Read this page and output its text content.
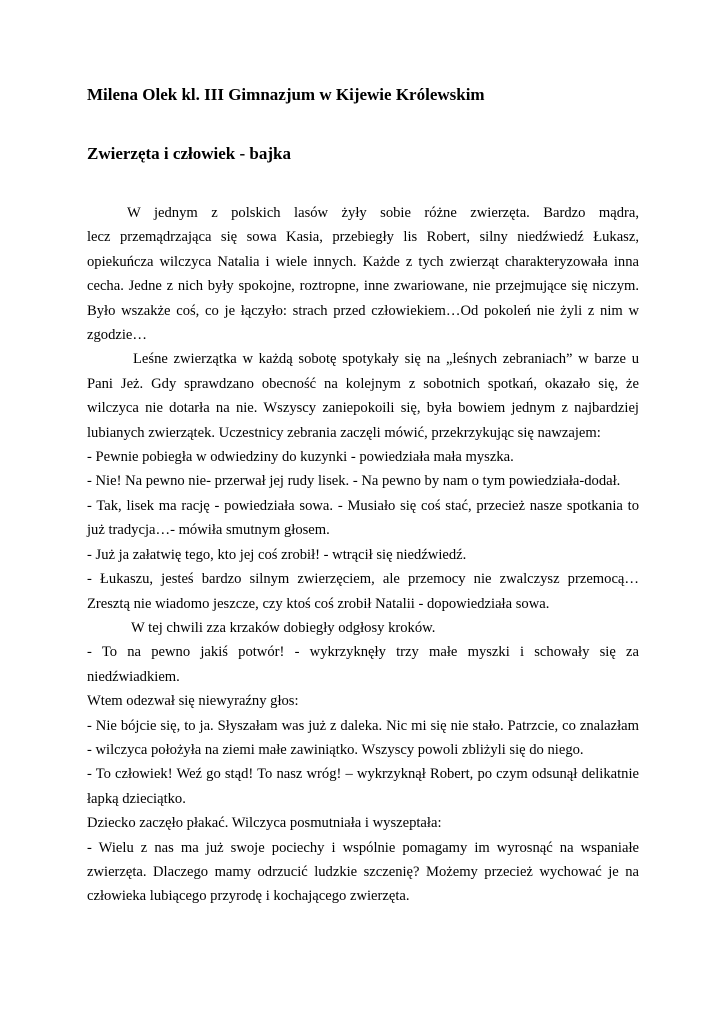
Milena Olek kl. III Gimnazjum w Kijewie Królewskim
Zwierzęta i człowiek - bajka

W jednym z polskich lasów żyły sobie różne zwierzęta. Bardzo mądra,

lecz przemądrzająca się sowa Kasia, przebiegły lis Robert, silny niedźwiedź Łukasz,

opiekuńcza wilczyca Natalia i wiele innych. Każde z tych zwierząt charakteryzowała inna

cecha. Jedne z nich były spokojne, roztropne, inne zwariowane, nie przejmujące się niczym.

Było wszakże coś, co je łączyło: strach przed człowiekiem…Od pokoleń nie żyli z nim w

zgodzie…

Leśne zwierzątka w każdą sobotę spotykały się na „leśnych zebraniach” w barze u

Pani Jeż. Gdy sprawdzano obecność na kolejnym z sobotnich spotkań, okazało się, że

wilczyca nie dotarła na nie. Wszyscy zaniepokoili się, była bowiem jednym z najbardziej

lubianych zwierzątek. Uczestnicy zebrania zaczęli mówić, przekrzykując się nawzajem:

- Pewnie pobiegła w odwiedziny do kuzynki - powiedziała mała myszka.

- Nie! Na pewno nie- przerwał jej rudy lisek. - Na pewno by nam o tym powiedziała-dodał.

- Tak, lisek ma rację - powiedziała sowa. - Musiało się coś stać, przecież nasze spotkania to

już tradycja…- mówiła smutnym głosem.

- Już ja załatwię tego, kto jej coś zrobił! - wtrącił się niedźwiedź.

- Łukaszu, jesteś bardzo silnym zwierzęciem, ale przemocy nie zwalczysz przemocą…

Zresztą nie wiadomo jeszcze, czy ktoś coś zrobił Natalii - dopowiedziała sowa.

W tej chwili zza krzaków dobiegły odgłosy kroków.

- To na pewno jakiś potwór! - wykrzyknęły trzy małe myszki i schowały się za

niedźwiadkiem.

Wtem odezwał się niewyraźny głos:

- Nie bójcie się, to ja. Słyszałam was już z daleka. Nic mi się nie stało. Patrzcie, co znalazłam

- wilczyca położyła na ziemi małe zawiniątko. Wszyscy powoli zbliżyli się do niego.

- To człowiek! Weź go stąd! To nasz wróg! – wykrzyknął Robert, po czym odsunął delikatnie

łapką dzieciątko.

Dziecko zaczęło płakać. Wilczyca posmutniała i wyszeptała:

- Wielu z nas ma już swoje pociechy i wspólnie pomagamy im wyrosnąć na wspaniałe

zwierzęta. Dlaczego mamy odrzucić ludzkie szczenię? Możemy przecież wychować je na

człowieka lubiącego przyrodę i kochającego zwierzęta.
